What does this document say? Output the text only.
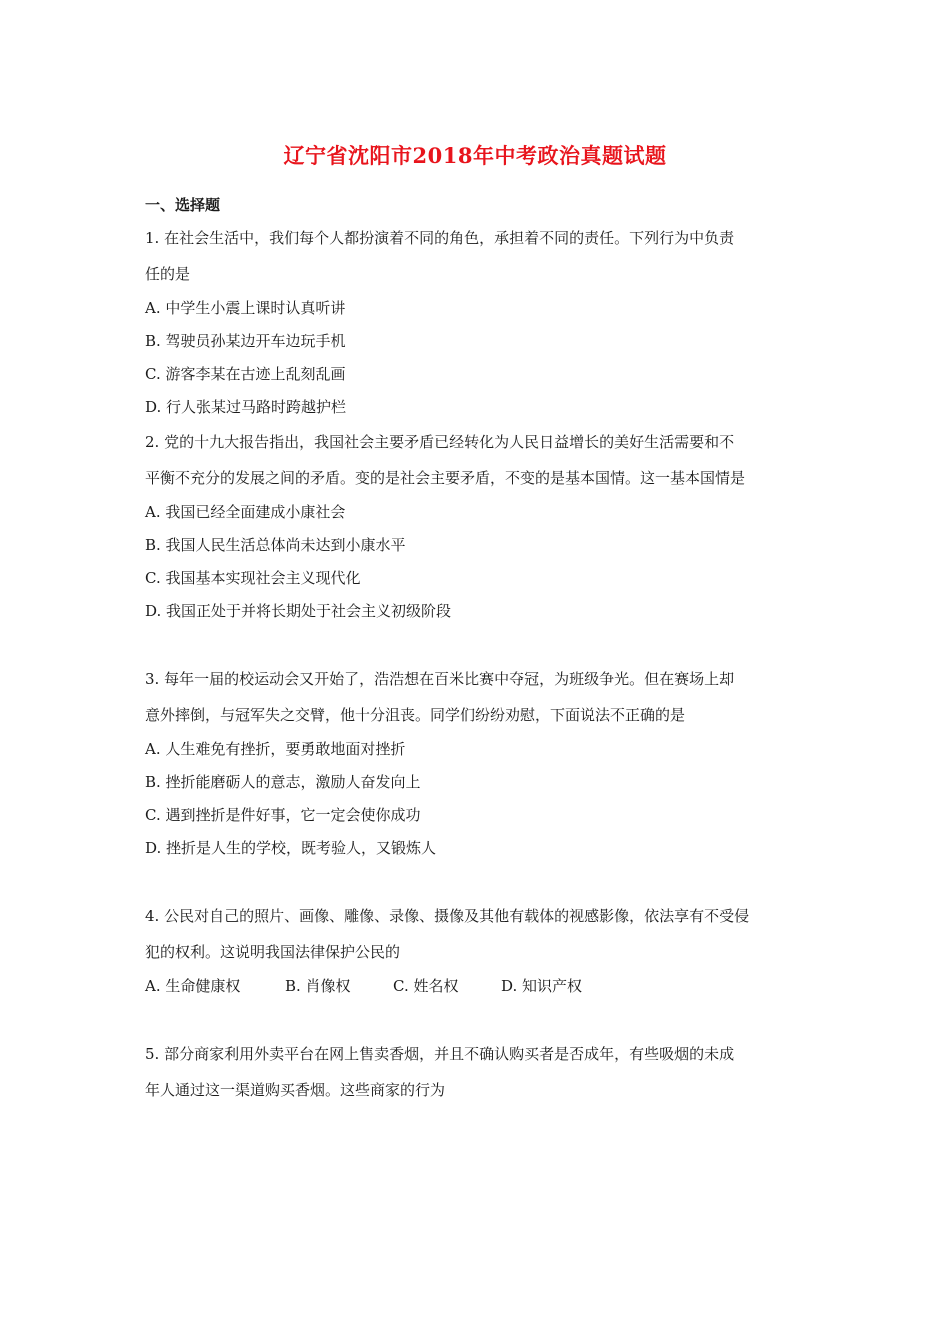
辽宁省沈阳市2018年中考政治真题试题
一、选择题
1. 在社会生活中，我们每个人都扮演着不同的角色，承担着不同的责任。下列行为中负责
任的是
A. 中学生小震上课时认真听讲
B. 驾驶员孙某边开车边玩手机
C. 游客李某在古迹上乱刻乱画
D. 行人张某过马路时跨越护栏
2. 党的十九大报告指出，我国社会主要矛盾已经转化为人民日益增长的美好生活需要和不
平衡不充分的发展之间的矛盾。变的是社会主要矛盾，不变的是基本国情。这一基本国情是
A. 我国已经全面建成小康社会
B. 我国人民生活总体尚未达到小康水平
C. 我国基本实现社会主义现代化
D. 我国正处于并将长期处于社会主义初级阶段
3. 每年一届的校运动会又开始了，浩浩想在百米比赛中夺冠，为班级争光。但在赛场上却
意外摔倒，与冠军失之交臂，他十分沮丧。同学们纷纷劝慰，下面说法不正确的是
A. 人生难免有挫折，要勇敢地面对挫折
B. 挫折能磨砺人的意志，激励人奋发向上
C. 遇到挫折是件好事，它一定会使你成功
D. 挫折是人生的学校，既考验人，又锻炼人
4. 公民对自己的照片、画像、雕像、录像、摄像及其他有载体的视感影像，依法享有不受侵
犯的权利。这说明我国法律保护公民的
A. 生命健康权	B. 肖像权	C. 姓名权	D. 知识产权
5. 部分商家利用外卖平台在网上售卖香烟，并且不确认购买者是否成年，有些吸烟的未成
年人通过这一渠道购买香烟。这些商家的行为
